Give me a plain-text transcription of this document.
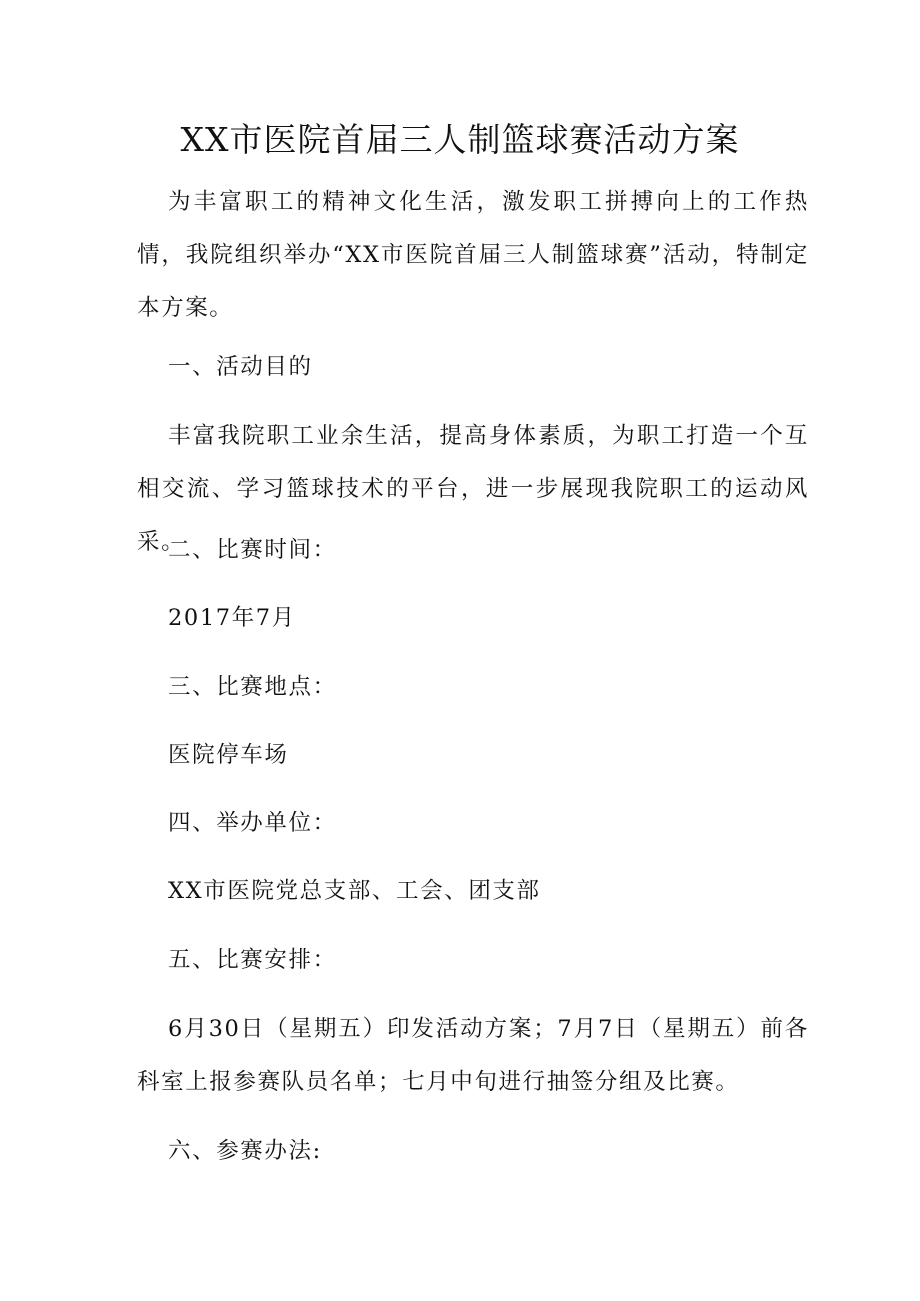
XX市医院首届三人制篮球赛活动方案

为丰富职工的精神文化生活，激发职工拼搏向上的工作热情，我院组织举办“XX市医院首届三人制篮球赛”活动，特制定本方案。

一、活动目的

丰富我院职工业余生活，提高身体素质，为职工打造一个互相交流、学习篮球技术的平台，进一步展现我院职工的运动风采。

二、比赛时间：

2017年7月

三、比赛地点：

医院停车场

四、举办单位：

XX市医院党总支部、工会、团支部

五、比赛安排：

6月30日（星期五）印发活动方案；7月7日（星期五）前各科室上报参赛队员名单；七月中旬进行抽签分组及比赛。

六、参赛办法:
